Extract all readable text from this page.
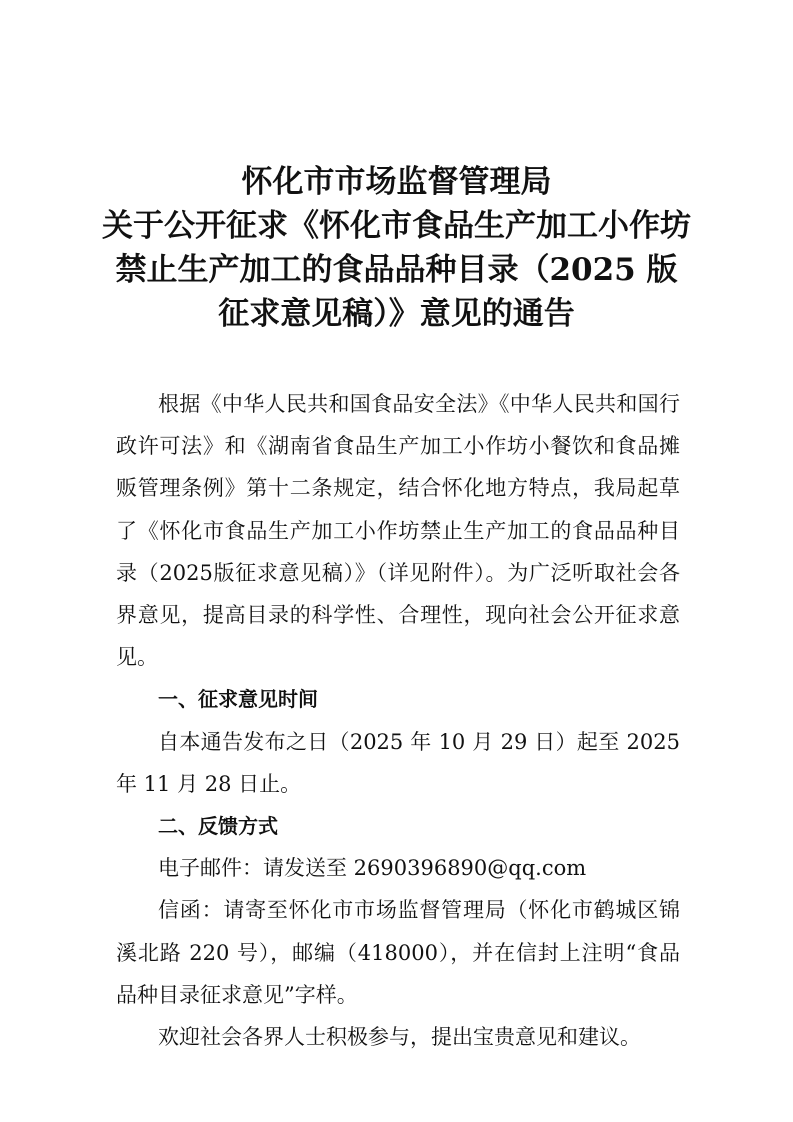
怀化市市场监督管理局
关于公开征求《怀化市食品生产加工小作坊
禁止生产加工的食品品种目录（2025 版
征求意见稿）》意见的通告

根据《中华人民共和国食品安全法》《中华人民共和国行政许可法》和《湖南省食品生产加工小作坊小餐饮和食品摊贩管理条例》第十二条规定，结合怀化地方特点，我局起草了《怀化市食品生产加工小作坊禁止生产加工的食品品种目录（2025版征求意见稿）》（详见附件）。为广泛听取社会各界意见，提高目录的科学性、合理性，现向社会公开征求意见。

一、征求意见时间

自本通告发布之日（2025 年 10 月 29 日）起至 2025 年 11 月 28 日止。

二、反馈方式

电子邮件：请发送至 2690396890@qq.com

信函：请寄至怀化市市场监督管理局（怀化市鹤城区锦溪北路 220 号），邮编（418000），并在信封上注明“食品品种目录征求意见”字样。

欢迎社会各界人士积极参与，提出宝贵意见和建议。
